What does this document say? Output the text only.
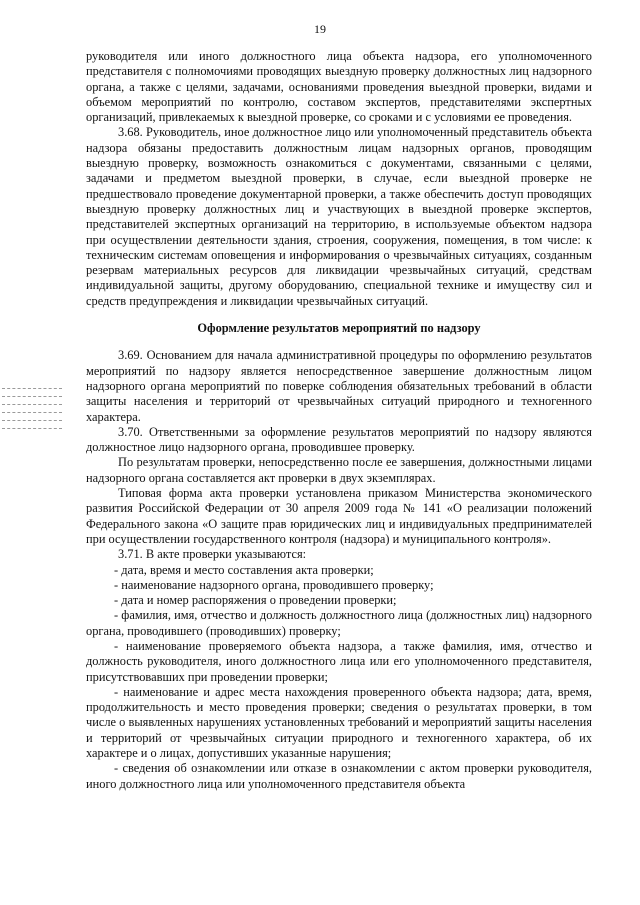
19

руководителя или иного должностного лица объекта надзора, его уполномоченного представителя с полномочиями проводящих выездную проверку должностных лиц надзорного органа, а также с целями, задачами, основаниями проведения выездной проверки, видами и объемом мероприятий по контролю, составом экспертов, представителями экспертных организаций, привлекаемых к выездной проверке, со сроками и с условиями ее проведения.

3.68. Руководитель, иное должностное лицо или уполномоченный представитель объекта надзора обязаны предоставить должностным лицам надзорных органов, проводящим выездную проверку, возможность ознакомиться с документами, связанными с целями, задачами и предметом выездной проверки, в случае, если выездной проверке не предшествовало проведение документарной проверки, а также обеспечить доступ проводящих выездную проверку должностных лиц и участвующих в выездной проверке экспертов, представителей экспертных организаций на территорию, в используемые объектом надзора при осуществлении деятельности здания, строения, сооружения, помещения, в том числе: к техническим системам оповещения и информирования о чрезвычайных ситуациях, созданным резервам материальных ресурсов для ликвидации чрезвычайных ситуаций, средствам индивидуальной защиты, другому оборудованию, специальной технике и имуществу сил и средств предупреждения и ликвидации чрезвычайных ситуаций.

Оформление результатов мероприятий по надзору

3.69. Основанием для начала административной процедуры по оформлению результатов мероприятий по надзору является непосредственное завершение должностным лицом надзорного органа мероприятий по поверке соблюдения обязательных требований в области защиты населения и территорий от чрезвычайных ситуаций природного и техногенного характера.

3.70. Ответственными за оформление результатов мероприятий по надзору являются должностное лицо надзорного органа, проводившее проверку.

По результатам проверки, непосредственно после ее завершения, должностными лицами надзорного органа составляется акт проверки в двух экземплярах.

Типовая форма акта проверки установлена приказом Министерства экономического развития Российской Федерации от 30 апреля 2009 года № 141 «О реализации положений Федерального закона «О защите прав юридических лиц и индивидуальных предпринимателей при осуществлении государственного контроля (надзора) и муниципального контроля».

3.71. В акте проверки указываются:

- дата, время и место составления акта проверки;

- наименование надзорного органа, проводившего проверку;

- дата и номер распоряжения о проведении проверки;

- фамилия, имя, отчество и должность должностного лица (должностных лиц) надзорного органа, проводившего (проводивших) проверку;

- наименование проверяемого объекта надзора, а также фамилия, имя, отчество и должность руководителя, иного должностного лица или его уполномоченного представителя, присутствовавших при проведении проверки;

- наименование и адрес места нахождения проверенного объекта надзора; дата, время, продолжительность и место проведения проверки; сведения о результатах проверки, в том числе о выявленных нарушениях установленных требований и мероприятий защиты населения и территорий от чрезвычайных ситуации природного и техногенного характера, об их характере и о лицах, допустивших указанные нарушения;

- сведения об ознакомлении или отказе в ознакомлении с актом проверки руководителя, иного должностного лица или уполномоченного представителя объекта
